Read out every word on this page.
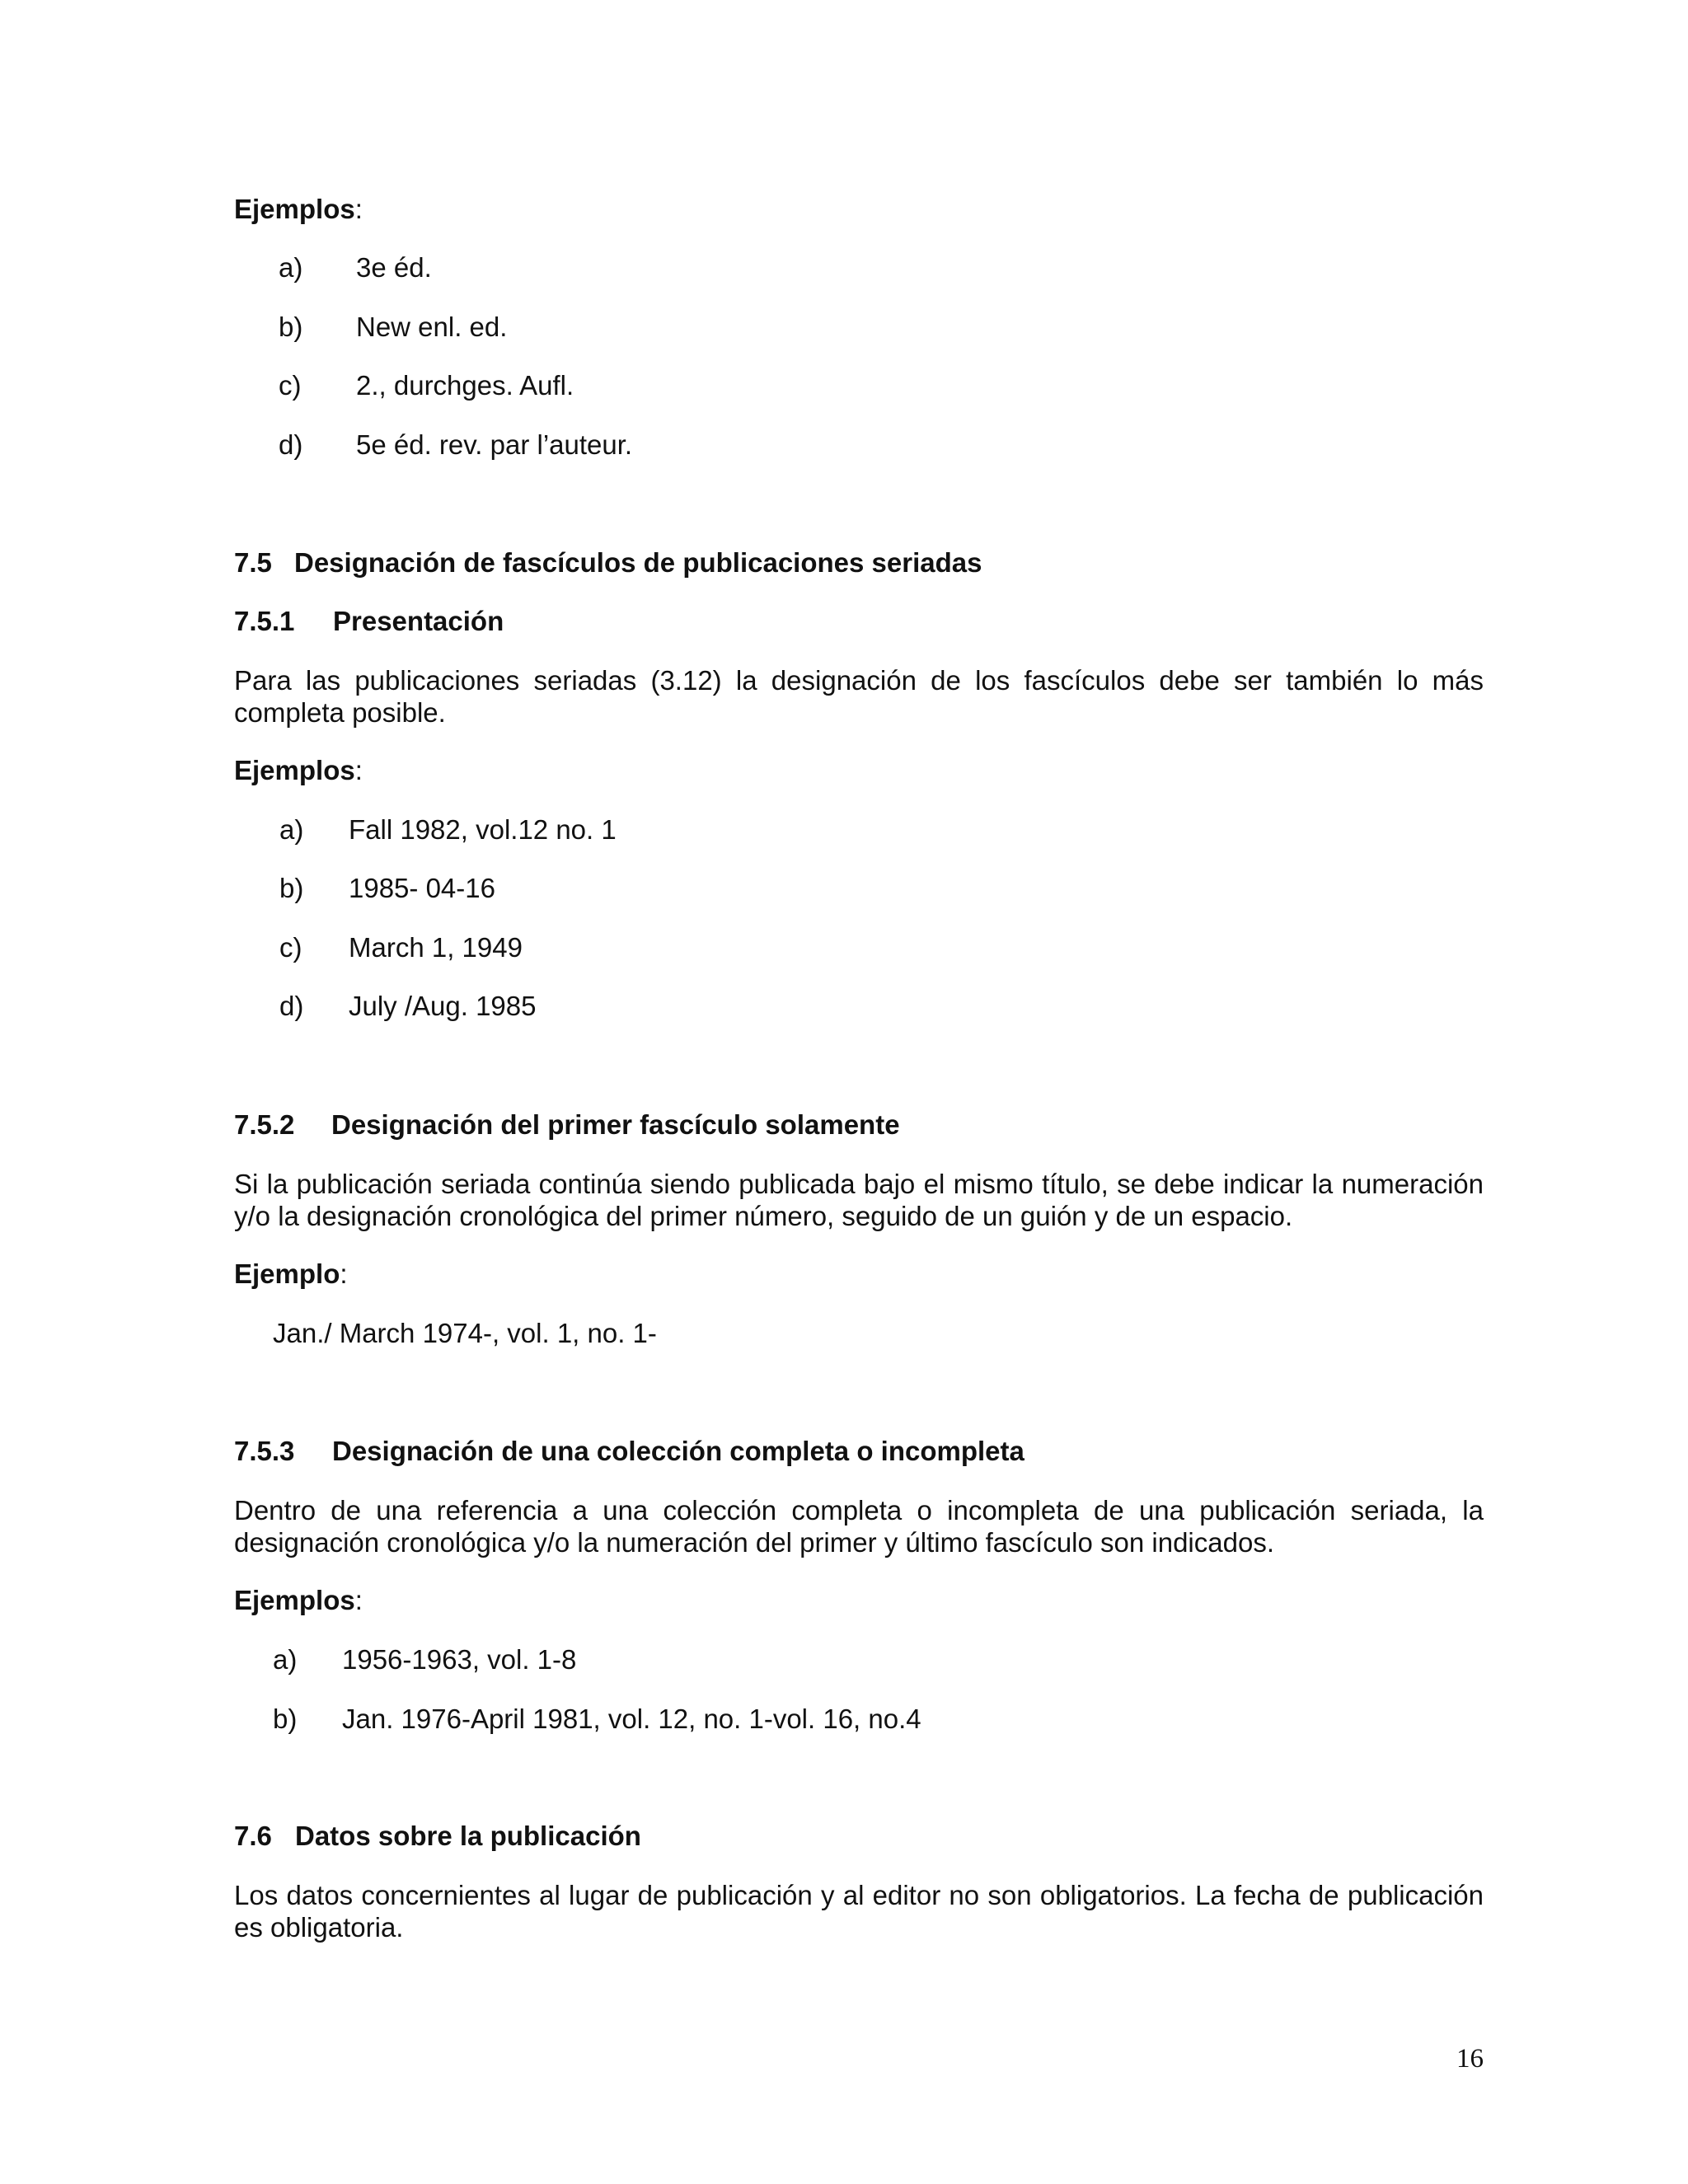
Ejemplos:
a) 3e éd.
b) New enl. ed.
c) 2., durchges. Aufl.
d) 5e éd. rev. par l’auteur.
7.5 Designación de fascículos de publicaciones seriadas
7.5.1 Presentación
Para las publicaciones seriadas (3.12) la designación de los fascículos debe ser también lo más completa posible.
Ejemplos:
a) Fall 1982, vol.12 no. 1
b) 1985- 04-16
c) March 1, 1949
d) July /Aug. 1985
7.5.2 Designación del primer fascículo solamente
Si la publicación seriada continúa siendo publicada bajo el mismo título, se debe indicar la numeración y/o la designación cronológica del primer número, seguido de un guión y de un espacio.
Ejemplo:
Jan./ March 1974-, vol. 1, no. 1-
7.5.3 Designación de una colección completa o incompleta
Dentro de una referencia a una colección completa o incompleta de una publicación seriada, la designación cronológica y/o la numeración del primer y último fascículo son indicados.
Ejemplos:
a) 1956-1963, vol. 1-8
b) Jan. 1976-April 1981, vol. 12, no. 1-vol. 16, no.4
7.6 Datos sobre la publicación
Los datos concernientes al lugar de publicación y al editor no son obligatorios. La fecha de publicación es obligatoria.
16
